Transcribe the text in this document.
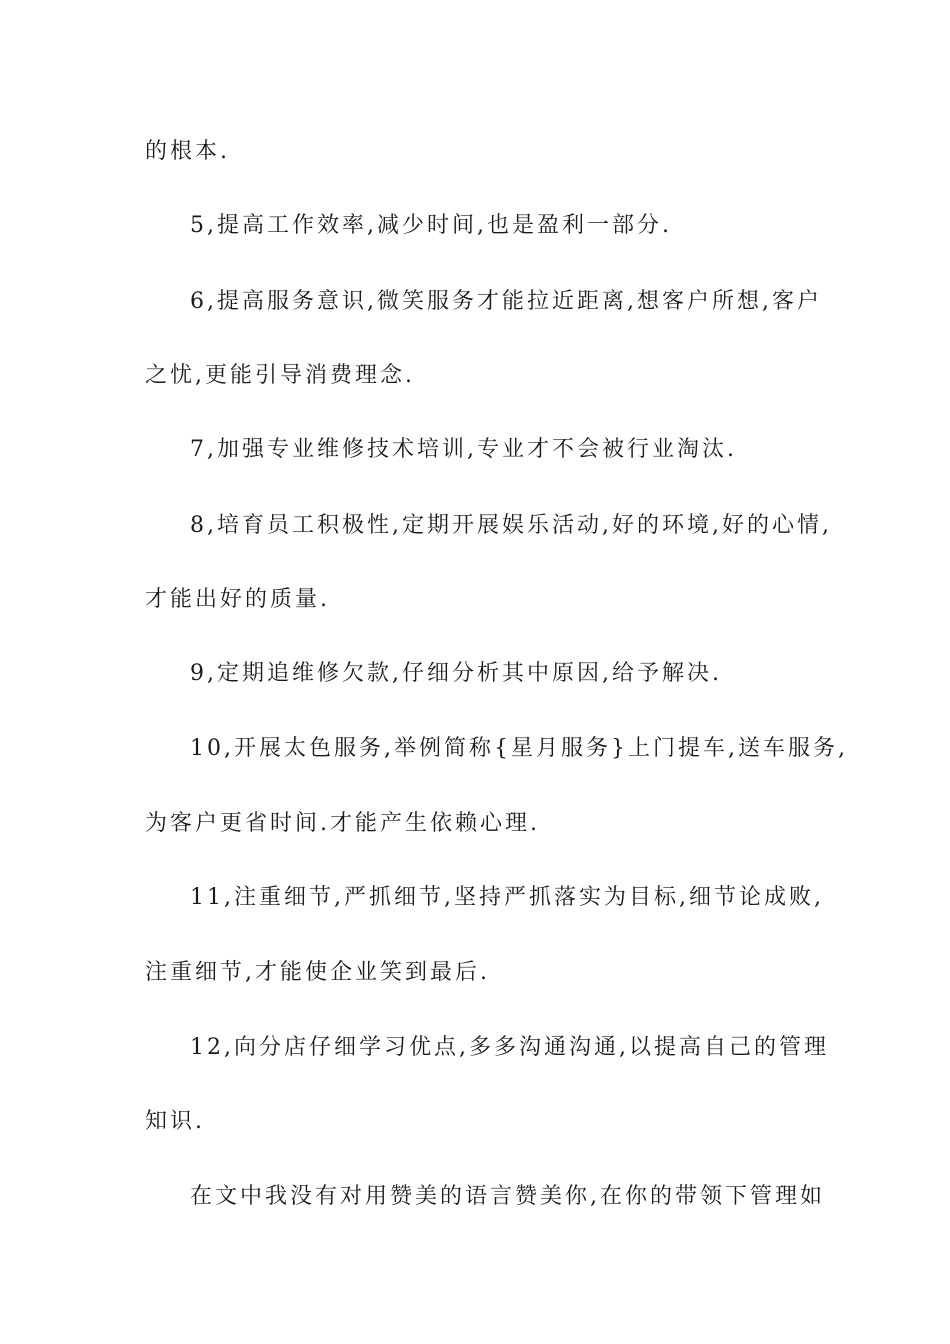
的根本.
5,提高工作效率,减少时间,也是盈利一部分.
6,提高服务意识,微笑服务才能拉近距离,想客户所想,客户
之忧,更能引导消费理念.
7,加强专业维修技术培训,专业才不会被行业淘汰.
8,培育员工积极性,定期开展娱乐活动,好的环境,好的心情,
才能出好的质量.
9,定期追维修欠款,仔细分析其中原因,给予解决.
10,开展太色服务,举例简称{星月服务}上门提车,送车服务,
为客户更省时间.才能产生依赖心理.
11,注重细节,严抓细节,坚持严抓落实为目标,细节论成败,
注重细节,才能使企业笑到最后.
12,向分店仔细学习优点,多多沟通沟通,以提高自己的管理
知识.
在文中我没有对用赞美的语言赞美你,在你的带领下管理如
